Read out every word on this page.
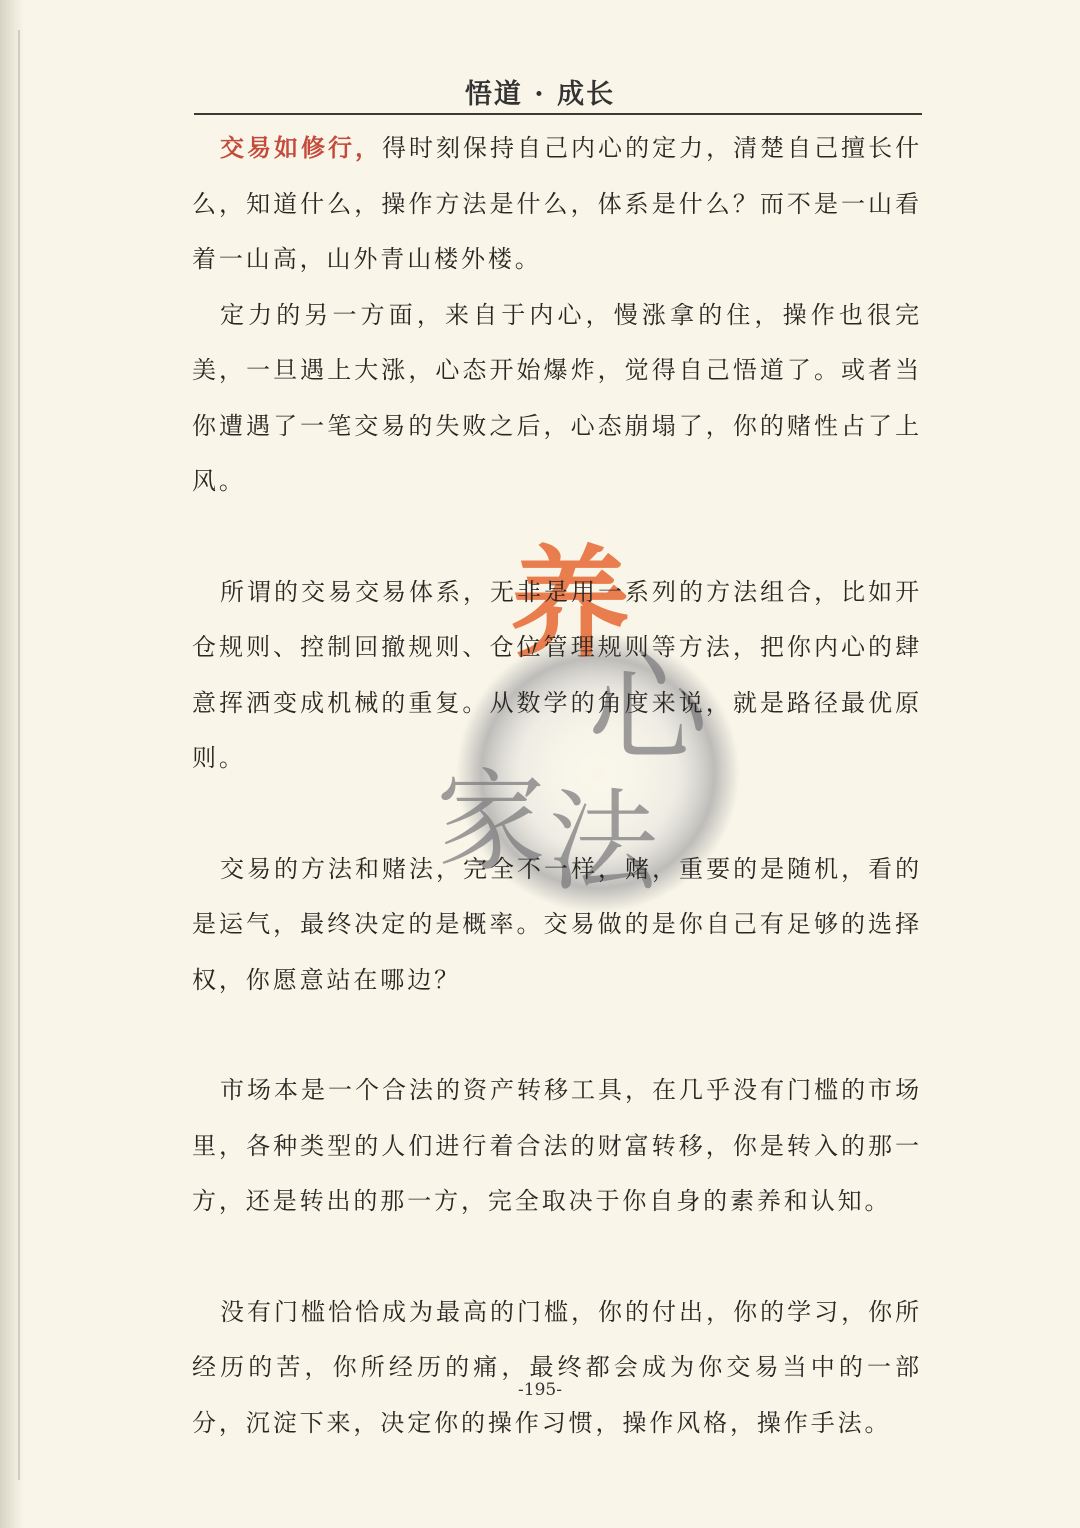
悟道 · 成长
养
心
家 法

交易如修行，得时刻保持自己内心的定力，清楚自己擅长什么，知道什么，操作方法是什么，体系是什么？而不是一山看着一山高，山外青山楼外楼。

定力的另一方面，来自于内心，慢涨拿的住，操作也很完美，一旦遇上大涨，心态开始爆炸，觉得自己悟道了。或者当你遭遇了一笔交易的失败之后，心态崩塌了，你的赌性占了上风。

所谓的交易交易体系，无非是用一系列的方法组合，比如开仓规则、控制回撤规则、仓位管理规则等方法，把你内心的肆意挥洒变成机械的重复。从数学的角度来说，就是路径最优原则。

交易的方法和赌法，完全不一样，赌，重要的是随机，看的是运气，最终决定的是概率。交易做的是你自己有足够的选择权，你愿意站在哪边？

市场本是一个合法的资产转移工具，在几乎没有门槛的市场里，各种类型的人们进行着合法的财富转移，你是转入的那一方，还是转出的那一方，完全取决于你自身的素养和认知。

没有门槛恰恰成为最高的门槛，你的付出，你的学习，你所经历的苦，你所经历的痛，最终都会成为你交易当中的一部分，沉淀下来，决定你的操作习惯，操作风格，操作手法。

-195-
